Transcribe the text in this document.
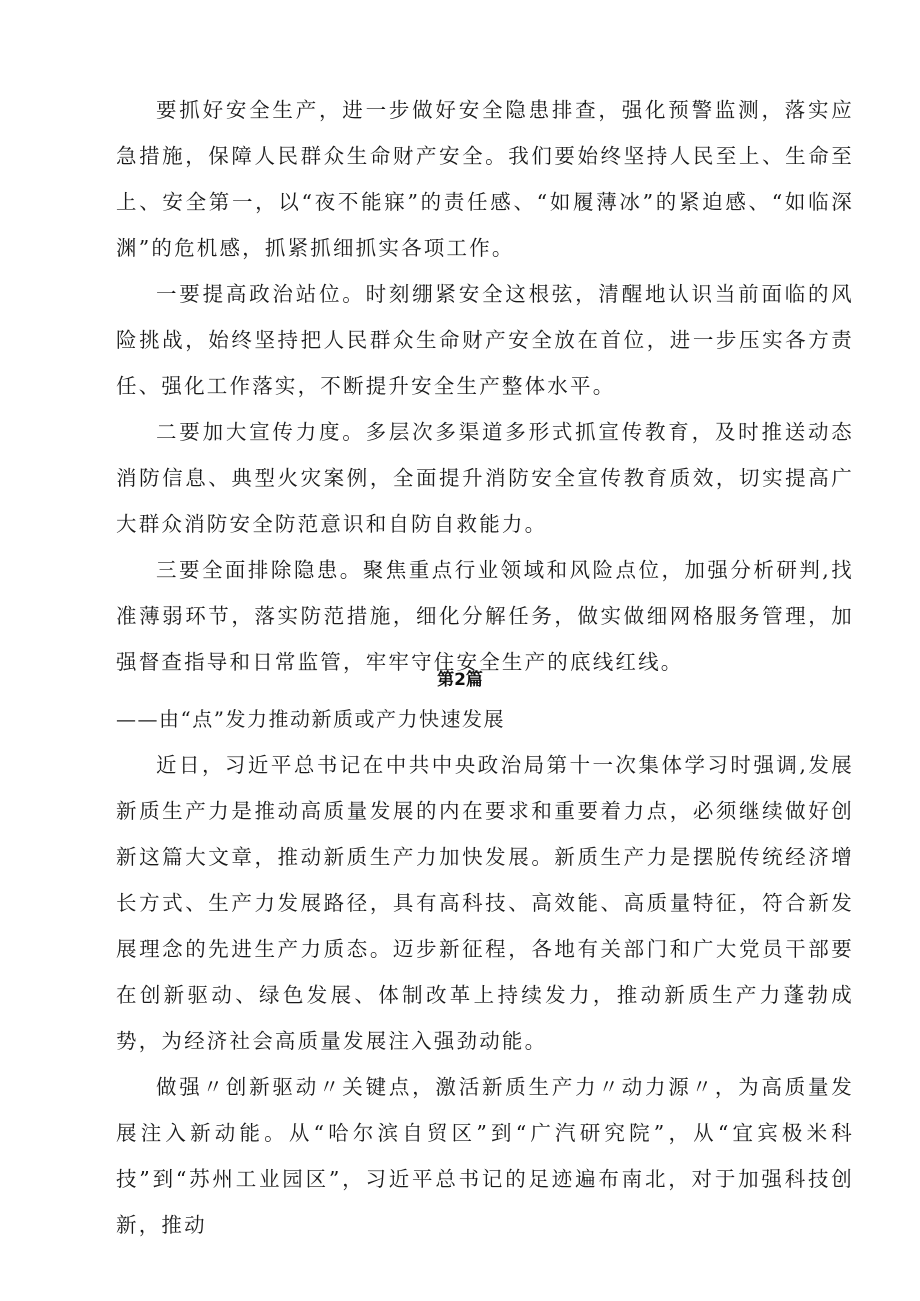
要抓好安全生产，进一步做好安全隐患排查，强化预警监测，落实应急措施，保障人民群众生命财产安全。我们要始终坚持人民至上、生命至上、安全第一，以“夜不能寐”的责任感、“如履薄冰”的紧迫感、“如临深渊”的危机感，抓紧抓细抓实各项工作。

一要提高政治站位。时刻绷紧安全这根弦，清醒地认识当前面临的风险挑战，始终坚持把人民群众生命财产安全放在首位，进一步压实各方责任、强化工作落实，不断提升安全生产整体水平。

二要加大宣传力度。多层次多渠道多形式抓宣传教育，及时推送动态消防信息、典型火灾案例，全面提升消防安全宣传教育质效，切实提高广大群众消防安全防范意识和自防自救能力。

三要全面排除隐患。聚焦重点行业领域和风险点位，加强分析研判,找准薄弱环节，落实防范措施，细化分解任务，做实做细网格服务管理，加强督查指导和日常监管，牢牢守住安全生产的底线红线。

第2篇
——由“点”发力推动新质或产力快速发展

近日，习近平总书记在中共中央政治局第十一次集体学习时强调,发展新质生产力是推动高质量发展的内在要求和重要着力点，必须继续做好创新这篇大文章，推动新质生产力加快发展。新质生产力是摆脱传统经济增长方式、生产力发展路径，具有高科技、高效能、高质量特征，符合新发展理念的先进生产力质态。迈步新征程，各地有关部门和广大党员干部要在创新驱动、绿色发展、体制改革上持续发力，推动新质生产力蓬勃成势，为经济社会高质量发展注入强劲动能。

做强〃创新驱动〃关键点，激活新质生产力〃动力源〃，为高质量发展注入新动能。从“哈尔滨自贸区”到“广汽研究院”，从“宜宾极米科技”到“苏州工业园区”，习近平总书记的足迹遍布南北，对于加强科技创新，推动
